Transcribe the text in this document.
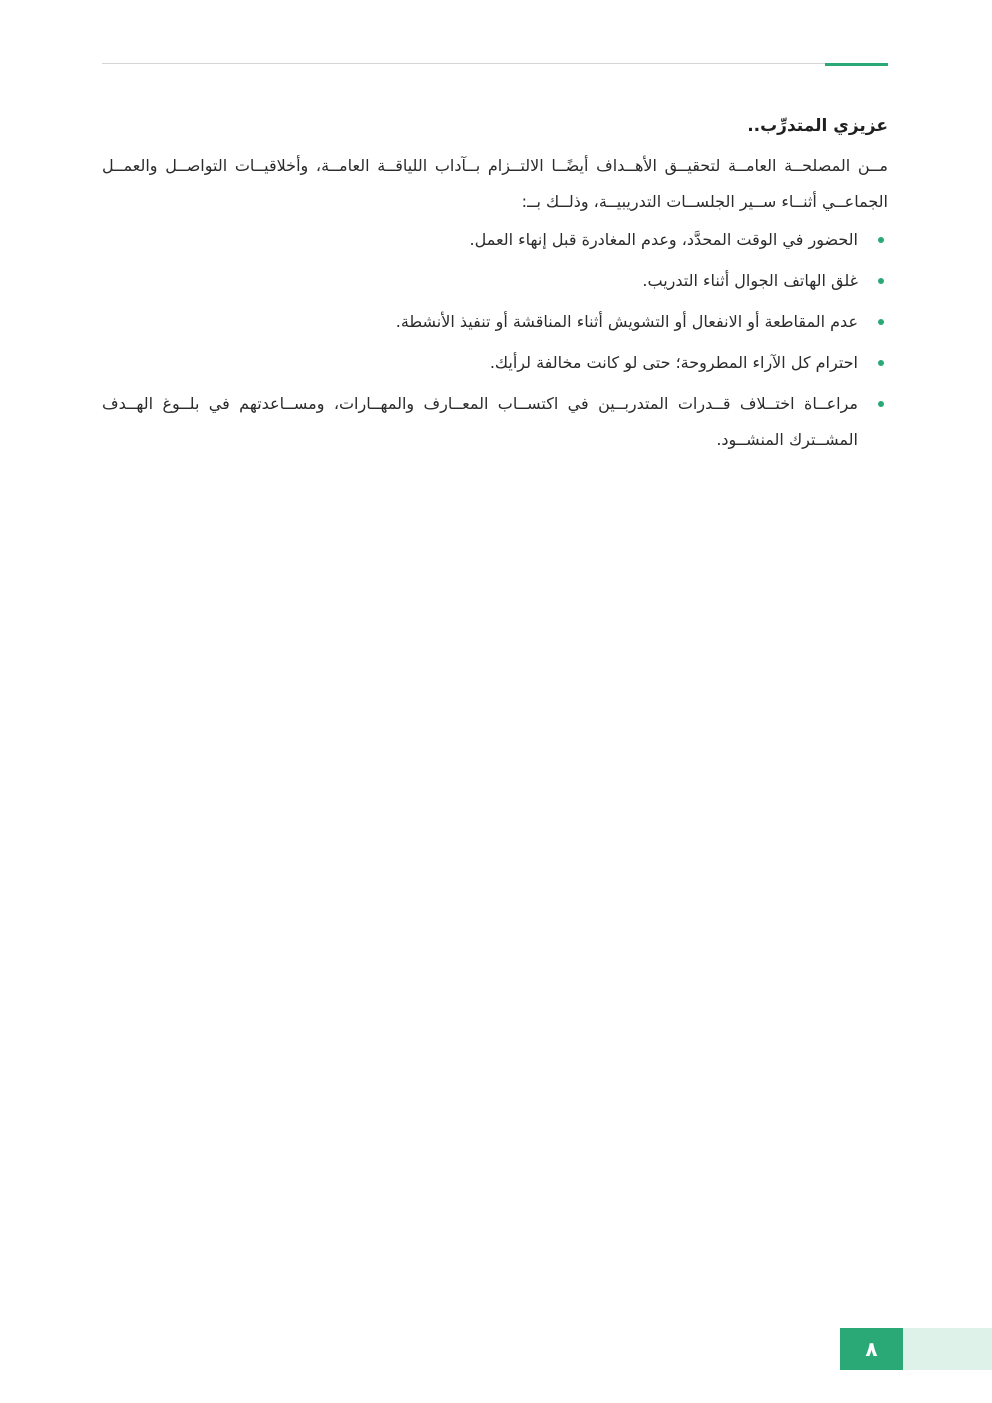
عزيزي المتدرِّب..

مــن المصلحــة العامــة لتحقيــق الأهــداف أيضًــا الالتــزام بــآداب اللياقــة العامــة، وأخلاقيــات التواصــل والعمــل الجماعــي أثنــاء ســير الجلســات التدريبيــة، وذلــك بــ:

الحضور في الوقت المحدَّد، وعدم المغادرة قبل إنهاء العمل.
غلق الهاتف الجوال أثناء التدريب.
عدم المقاطعة أو الانفعال أو التشويش أثناء المناقشة أو تنفيذ الأنشطة.
احترام كل الآراء المطروحة؛ حتى لو كانت مخالفة لرأيك.
مراعــاة اختــلاف قــدرات المتدربــين في اكتســاب المعــارف والمهــارات، ومســاعدتهم في بلــوغ الهــدف المشــترك المنشــود.
٨
